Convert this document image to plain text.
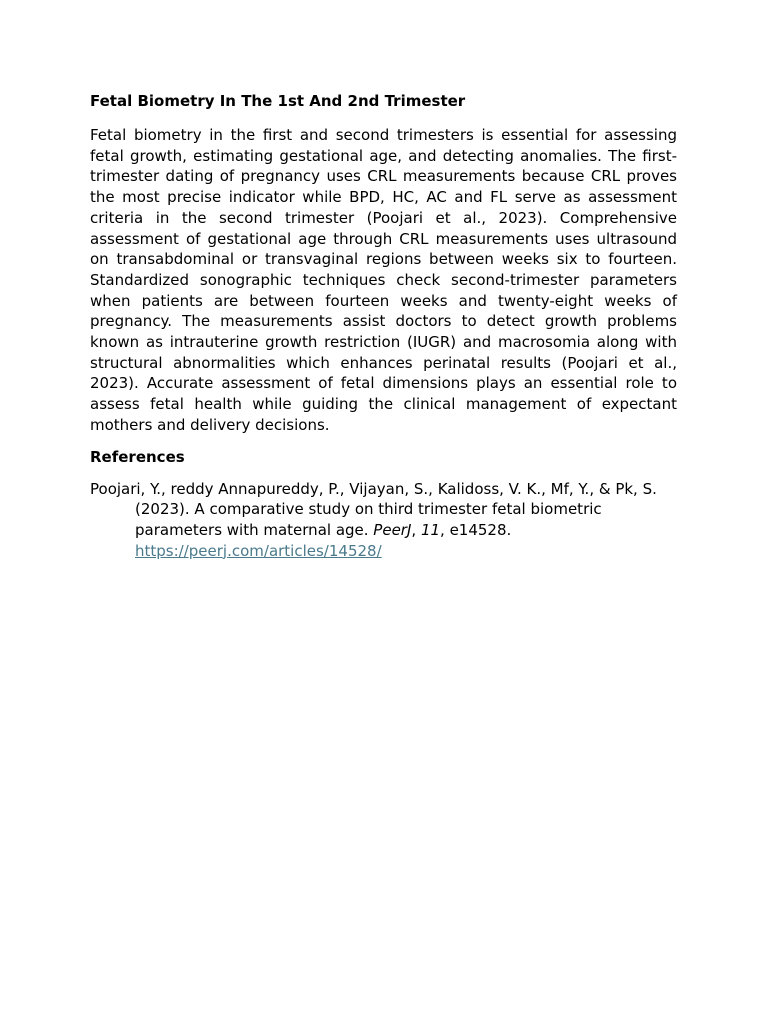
Fetal Biometry In The 1st And 2nd Trimester

Fetal biometry in the first and second trimesters is essential for assessing fetal growth, estimating gestational age, and detecting anomalies. The first-trimester dating of pregnancy uses CRL measurements because CRL proves the most precise indicator while BPD, HC, AC and FL serve as assessment criteria in the second trimester (Poojari et al., 2023). Comprehensive assessment of gestational age through CRL measurements uses ultrasound on transabdominal or transvaginal regions between weeks six to fourteen. Standardized sonographic techniques check second-trimester parameters when patients are between fourteen weeks and twenty-eight weeks of pregnancy. The measurements assist doctors to detect growth problems known as intrauterine growth restriction (IUGR) and macrosomia along with structural abnormalities which enhances perinatal results (Poojari et al., 2023). Accurate assessment of fetal dimensions plays an essential role to assess fetal health while guiding the clinical management of expectant mothers and delivery decisions.

References

Poojari, Y., reddy Annapureddy, P., Vijayan, S., Kalidoss, V. K., Mf, Y., & Pk, S. (2023). A comparative study on third trimester fetal biometric parameters with maternal age. PeerJ, 11, e14528. https://peerj.com/articles/14528/
